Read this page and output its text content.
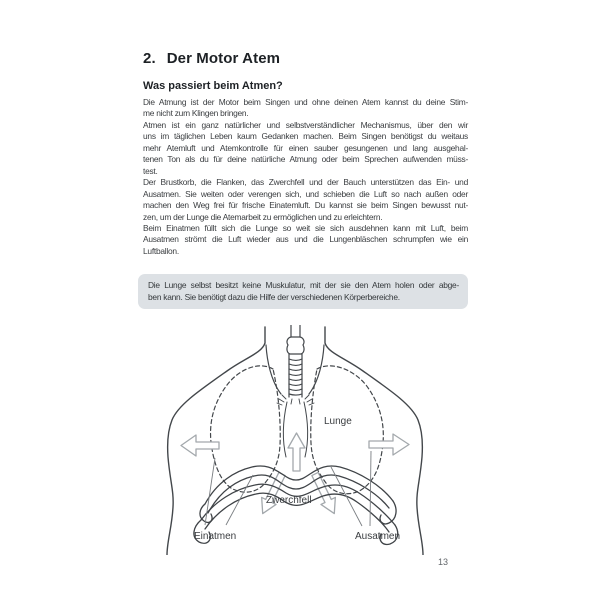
2. Der Motor Atem
Was passiert beim Atmen?
Die Atmung ist der Motor beim Singen und ohne deinen Atem kannst du deine Stim-
me nicht zum Klingen bringen.
Atmen ist ein ganz natürlicher und selbstverständlicher Mechanismus, über den wir
uns im täglichen Leben kaum Gedanken machen. Beim Singen benötigst du weitaus
mehr Atemluft und Atemkontrolle für einen sauber gesungenen und lang ausgehal-
tenen Ton als du für deine natürliche Atmung oder beim Sprechen aufwenden müss-
test.
Der Brustkorb, die Flanken, das Zwerchfell und der Bauch unterstützen das Ein- und
Ausatmen. Sie weiten oder verengen sich, und schieben die Luft so nach außen oder
machen den Weg frei für frische Einatemluft. Du kannst sie beim Singen bewusst nut-
zen, um der Lunge die Atemarbeit zu ermöglichen und zu erleichtern.
Beim Einatmen füllt sich die Lunge so weit sie sich ausdehnen kann mit Luft, beim
Ausatmen strömt die Luft wieder aus und die Lungenbläschen schrumpfen wie ein
Luftballon.
Die Lunge selbst besitzt keine Muskulatur, mit der sie den Atem holen oder abge-
ben kann. Sie benötigt dazu die Hilfe der verschiedenen Körperbereiche.
Lunge
Zwerchfell
Einatmen	Ausatmen
13
